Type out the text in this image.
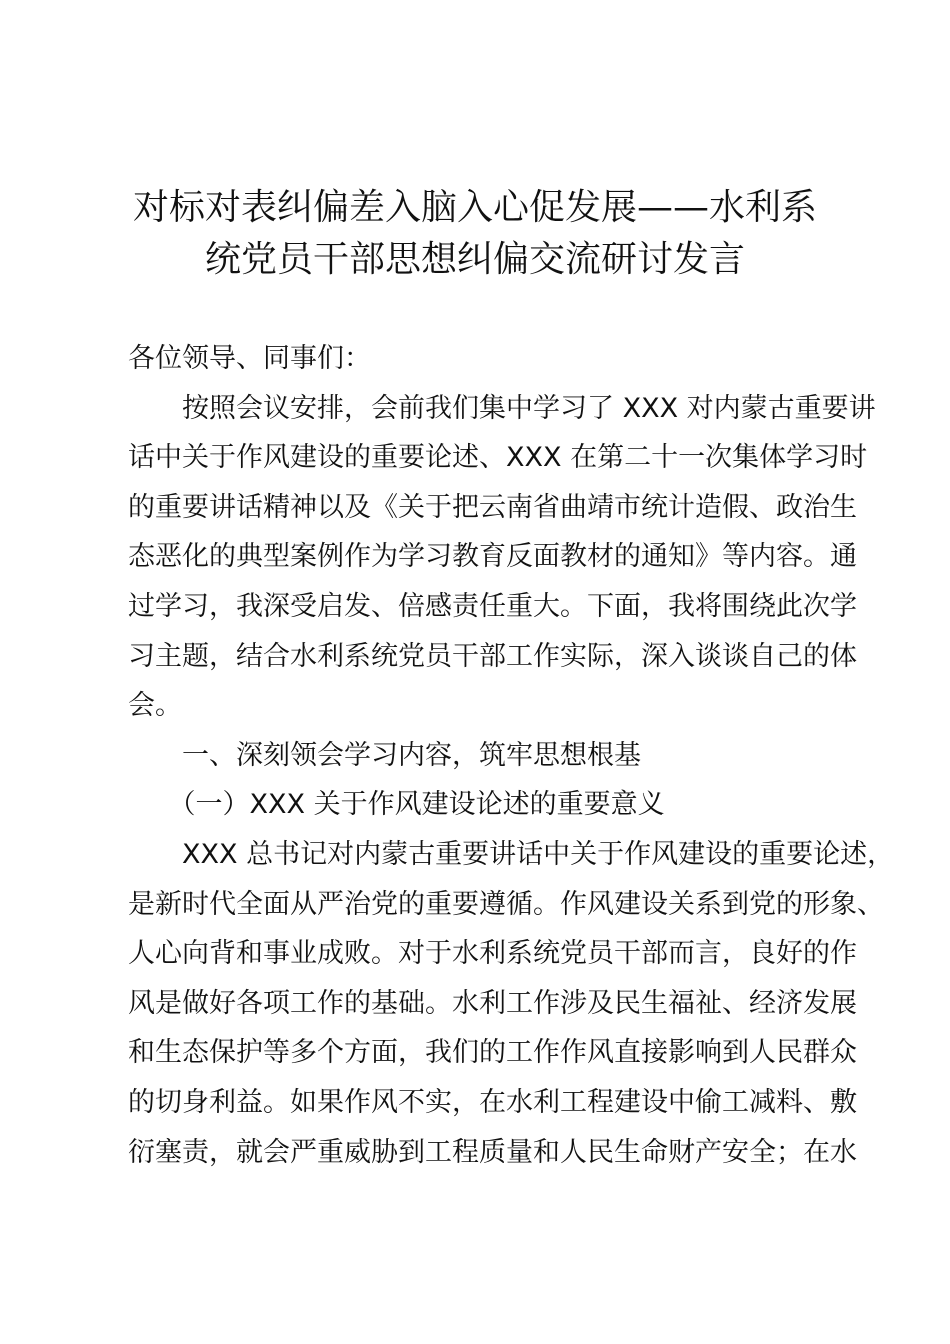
对标对表纠偏差入脑入心促发展——水利系
统党员干部思想纠偏交流研讨发言
各位领导、同事们：
　　按照会议安排，会前我们集中学习了 XXX 对内蒙古重要讲
话中关于作风建设的重要论述、XXX 在第二十一次集体学习时
的重要讲话精神以及《关于把云南省曲靖市统计造假、政治生
态恶化的典型案例作为学习教育反面教材的通知》等内容。通
过学习，我深受启发、倍感责任重大。下面，我将围绕此次学
习主题，结合水利系统党员干部工作实际，深入谈谈自己的体
会。
　　一、深刻领会学习内容，筑牢思想根基
　　（一）XXX 关于作风建设论述的重要意义
　　XXX 总书记对内蒙古重要讲话中关于作风建设的重要论述，
是新时代全面从严治党的重要遵循。作风建设关系到党的形象、
人心向背和事业成败。对于水利系统党员干部而言，良好的作
风是做好各项工作的基础。水利工作涉及民生福祉、经济发展
和生态保护等多个方面，我们的工作作风直接影响到人民群众
的切身利益。如果作风不实，在水利工程建设中偷工减料、敷
衍塞责，就会严重威胁到工程质量和人民生命财产安全；在水
